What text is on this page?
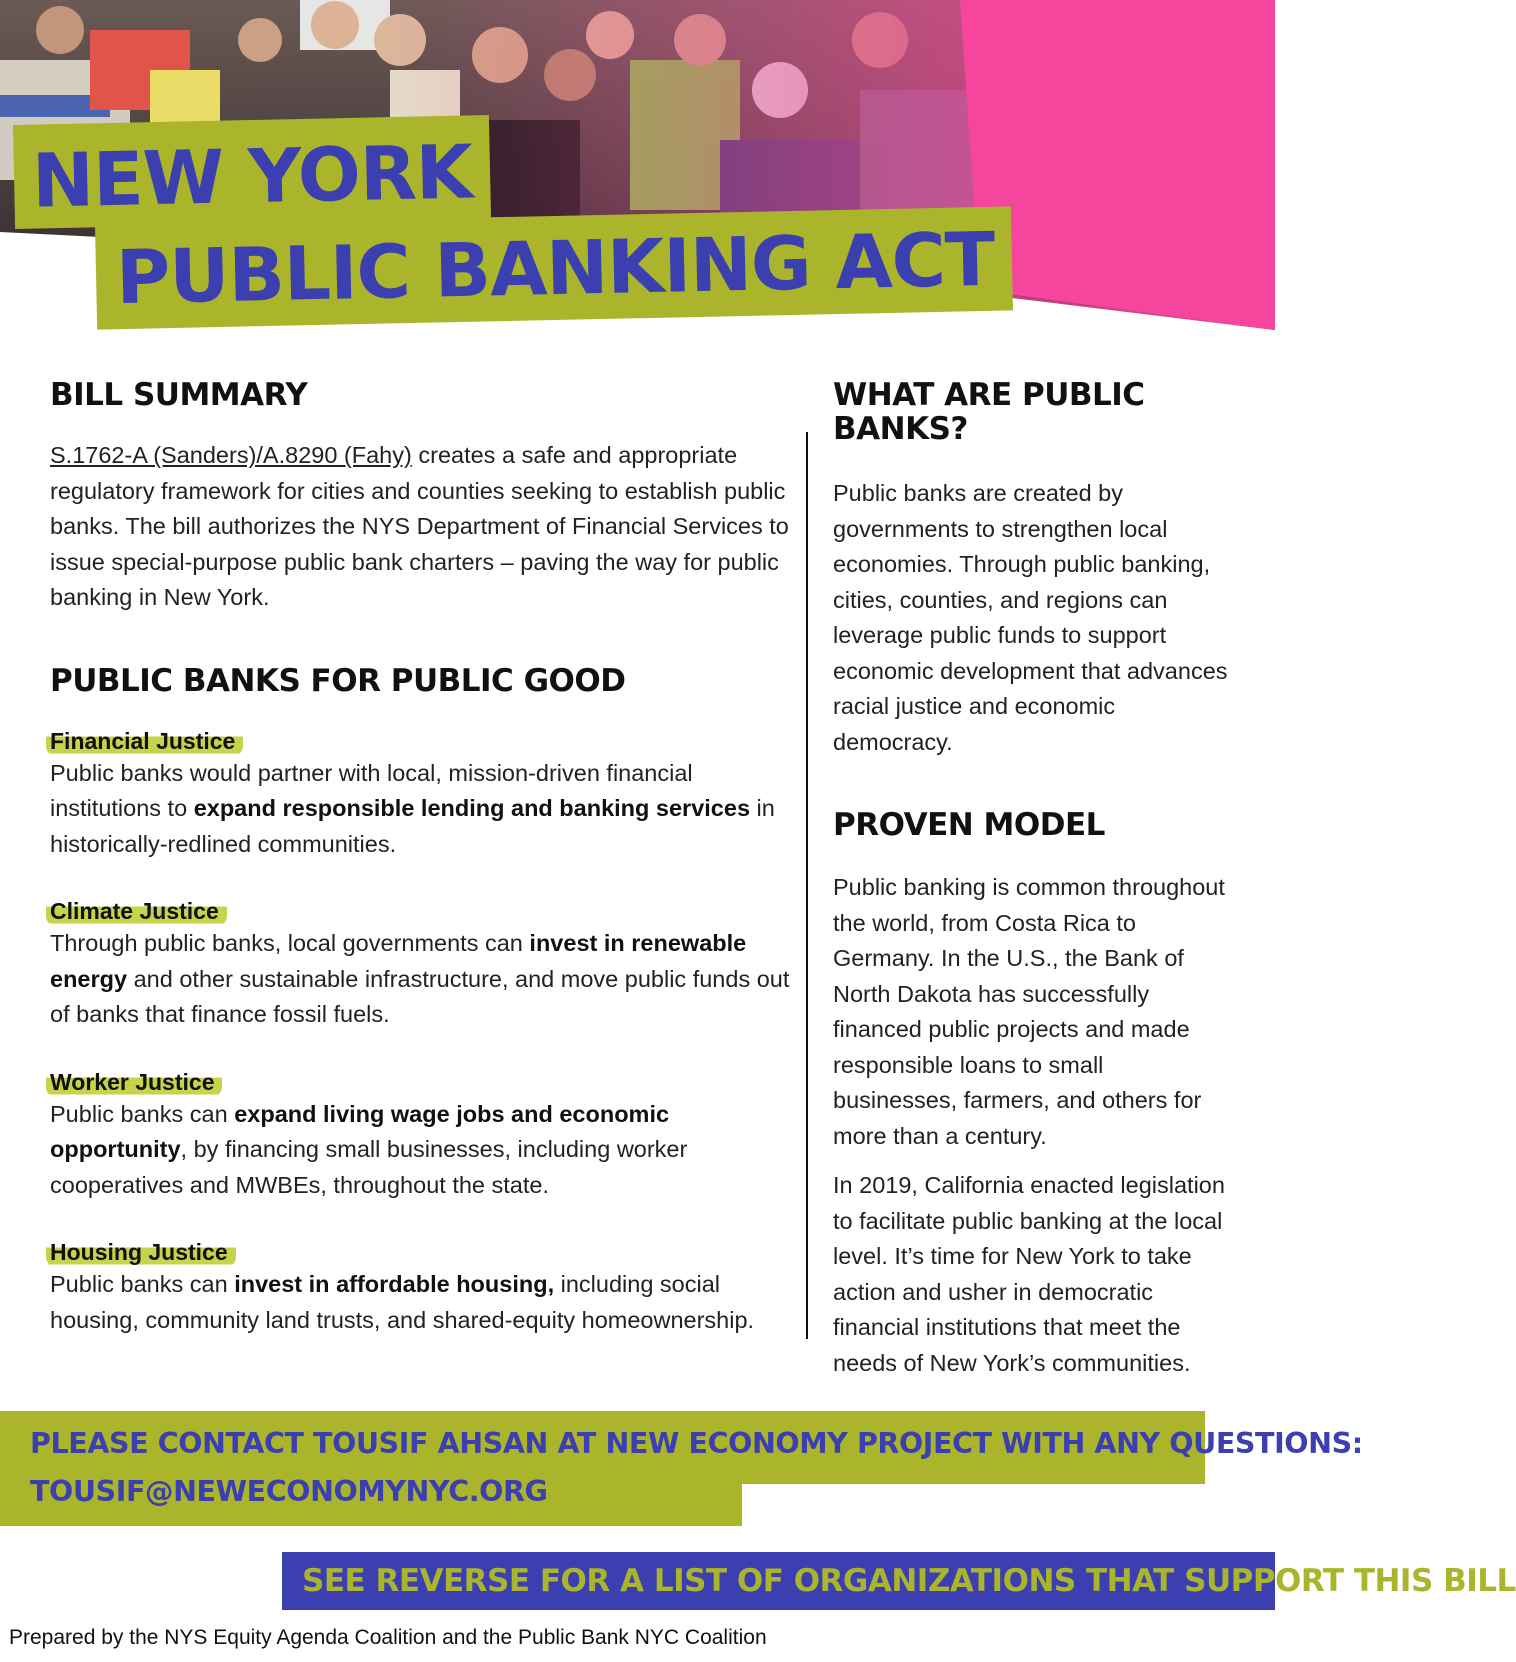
NEW YORK
PUBLIC BANKING ACT
BILL SUMMARY

S.1762-A (Sanders)/A.8290 (Fahy) creates a safe and appropriate regulatory framework for cities and counties seeking to establish public banks. The bill authorizes the NYS Department of Financial Services to issue special-purpose public bank charters – paving the way for public banking in New York.

PUBLIC BANKS FOR PUBLIC GOOD
Financial Justice

Public banks would partner with local, mission-driven financial institutions to expand responsible lending and banking services in historically-redlined communities.

Climate Justice

Through public banks, local governments can invest in renewable energy and other sustainable infrastructure, and move public funds out of banks that finance fossil fuels.

Worker Justice

Public banks can expand living wage jobs and economic opportunity, by financing small businesses, including worker cooperatives and MWBEs, throughout the state.

Housing Justice

Public banks can invest in affordable housing, including social housing, community land trusts, and shared-equity homeownership.

WHAT ARE PUBLIC BANKS?

Public banks are created by governments to strengthen local economies. Through public banking, cities, counties, and regions can leverage public funds to support economic development that advances racial justice and economic democracy.

PROVEN MODEL

Public banking is common throughout the world, from Costa Rica to Germany. In the U.S., the Bank of North Dakota has successfully financed public projects and made responsible loans to small businesses, farmers, and others for more than a century.

In 2019, California enacted legislation to facilitate public banking at the local level. It’s time for New York to take action and usher in democratic financial institutions that meet the needs of New York’s communities.

PLEASE CONTACT TOUSIF AHSAN AT NEW ECONOMY PROJECT WITH ANY QUESTIONS:
TOUSIF@NEWECONOMYNYC.ORG
SEE REVERSE FOR A LIST OF ORGANIZATIONS THAT SUPPORT THIS BILL
Prepared by the NYS Equity Agenda Coalition and the Public Bank NYC Coalition
